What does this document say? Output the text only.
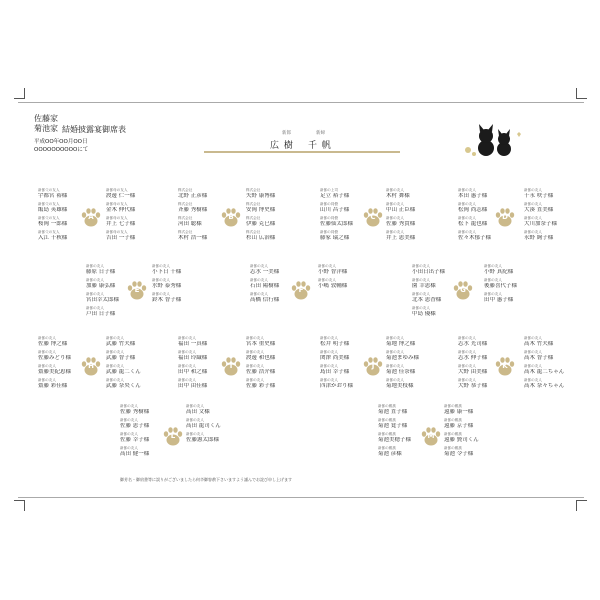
佐藤家
菊池家 結婚披露宴御席表
平成OO年OO月OO日
OOOOOOOOOOにて
新郎	新婦
広 樹 千 帆
A
新郎父の友人
宇都宮 裕様
新郎父の友人
飯島 英雄様
新郎父の友人
桜岡 一郎様
新郎父の友人
入江 千秋様
新郎母の友人
渡邊 仁一様
新郎母の友人
金木 伸代様
新郎母の友人
井上 七子様
新郎母の友人
吉田 一子様
B
株式会社
北野 正彦様
株式会社
斉藤 秀樹様
株式会社
河田 聡様
株式会社
木村 浩一様
株式会社
矢野 康博様
株式会社
安岡 博史様
株式会社
伊藤 克巳様
株式会社
杉山 広治様
C
新郎の上司
足立 裕子様
新郎の同僚
山川 昌子様
新郎の同僚
佐藤仙太郎様
新郎の同僚
藤家 瑞之様
新郎の友人
木村 舞様
新郎の友人
中山 正臣様
新郎の友人
佐藤 秀貴様
新郎の友人
井上 恵美様
D
新郎の友人
本田 惠子様
新郎の友人
松岡 尚志様
新郎の友人
松下 龍也様
新郎の友人
佐々木郁子様
新郎の友人
千永 咲子様
新郎の友人
大湊 直美様
新郎の友人
大川加奈子様
新郎の友人
永野 絢子様
E
新郎の友人
藤原 日子様
新郎の友人
加藤 康弘様
新郎の友人
宮田幸太郎様
新郎の友人
戸田 日子様
新郎の友人
小下日 千様
新郎の友人
水野 泰秀様
新郎の友人
鈴木 智子様
F
新郎の友人
志水 一美様
新郎の友人
石田 陽樹様
新郎の友人
高橋 信行様
新郎の友人
小野 智洋様
新郎の友人
小嶋 敦輔様	G
新郎の友人
小田日出子様
新郎の友人
園 幸恵様
新郎の友人
北本 恵香様
新郎の友人
中島 優様
新郎の友人
小野 真紀様
新郎の友人
後藤喜代子様
新郎の友人
田中 惠子様
H
新郎の友人
佐藤 博之様
新郎の友人
佐藤みどり様
新郎の友人
齋藤美紀恵様
新郎の友人
齋藤 彩佳様
新郎の友人
武藤 竹夫様
新郎の友人
武藤 智子様
新郎の友人
武藤 龍二くん
新郎の友人
武藤 奈央くん
I
新郎の友人
福田 一真様
新郎の友人
福田 玲織様
新郎の友人
田中 和之様
新郎の友人
田中 由佳様
新郎の友人
宮本 重史様
新郎の友人
渡邊 和也様
新郎の友人
佐藤 浩介様
新郎の友人
佐藤 彩子様
J
新郎の友人
松井 明子様
新郎の友人
関澤 尚美様
新郎の友人
島田 幸子様
新郎の友人
四津かおり様
新郎の友人
菊地 博之様
新郎の友人
菊池まゆみ様
新郎の友人
菊池 佳奈様
新郎の友人
菊地美枝様
K
新郎の友人
志水 光司様
新郎の友人
志水 伸子様
新郎の友人
大野 由美様
新郎の友人
大野 恭子様
新郎の友人
高木 竹夫様
新郎の友人
高木 智子様
新郎の友人
高木 龍二ちゃん
新郎の友人
高木 奈々ちゃん
L
新郎の友人
佐藤 秀樹様
新郎の友人
佐藤 恵子様
新郎の友人
佐藤 幸子様
新郎の友人
高田 健一様
新郎の友人
高田 文様
新郎の友人
高田 龍司くん
新郎の友人
佐藤憲太郎様	M
新郎の親族
菊池 直子様
新郎の親族
菊池 寛子様
新郎の親族
菊池美穂子様
新郎の親族
菊池 彦様
新郎の親族
遠藤 康一様
新郎の親族
遠藤 京子様
新郎の親族
遠藤 賢司くん
新郎の親族
菊池 令子様
御芳名・御肩書等に誤りがございましたら何卒御容赦下さいますよう謹んでお詫び申し上げます
